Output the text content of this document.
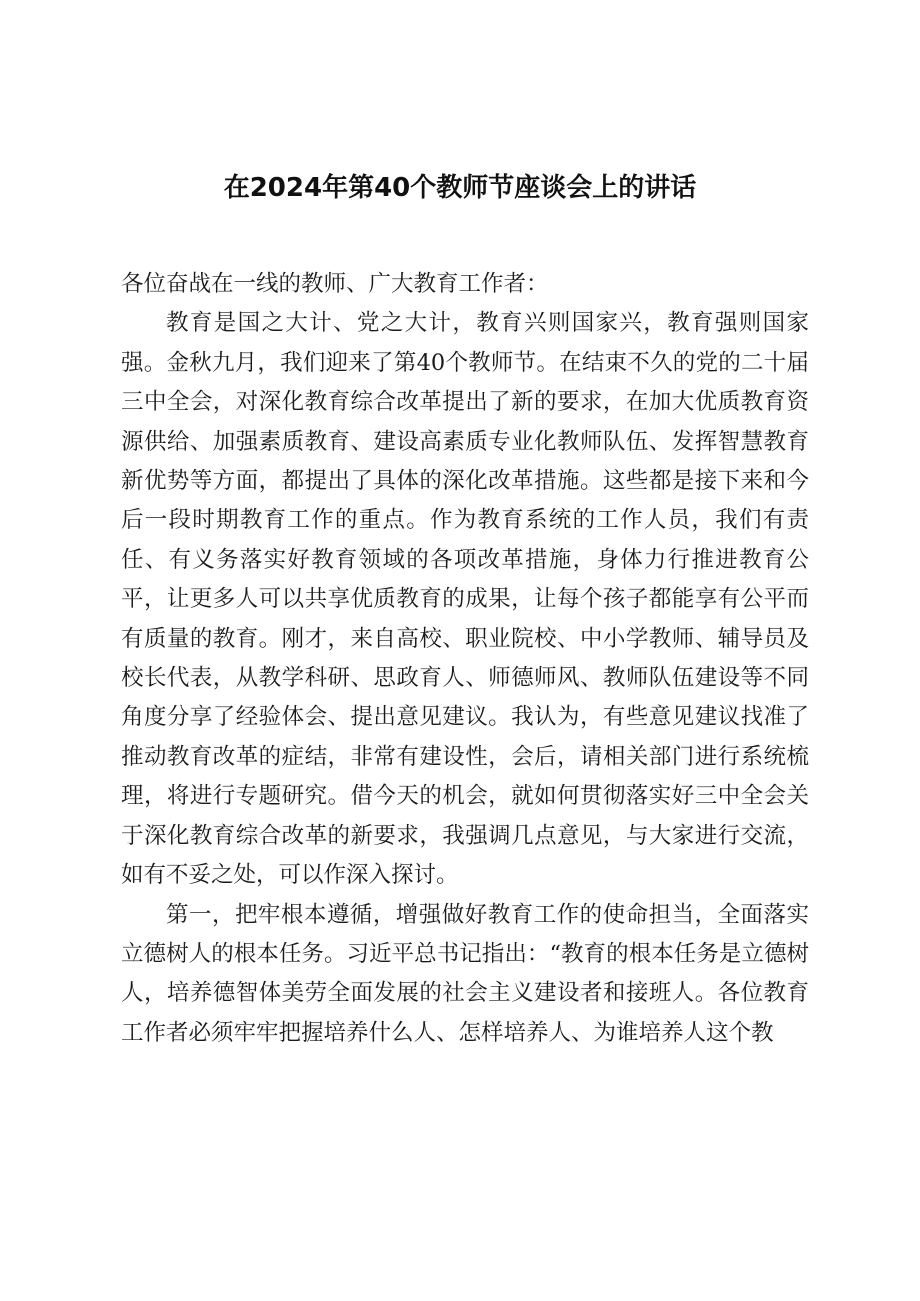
在2024年第40个教师节座谈会上的讲话

各位奋战在一线的教师、广大教育工作者：

教育是国之大计、党之大计，教育兴则国家兴，教育强则国家强。金秋九月，我们迎来了第40个教师节。在结束不久的党的二十届三中全会，对深化教育综合改革提出了新的要求，在加大优质教育资源供给、加强素质教育、建设高素质专业化教师队伍、发挥智慧教育新优势等方面，都提出了具体的深化改革措施。这些都是接下来和今后一段时期教育工作的重点。作为教育系统的工作人员，我们有责任、有义务落实好教育领域的各项改革措施，身体力行推进教育公平，让更多人可以共享优质教育的成果，让每个孩子都能享有公平而有质量的教育。刚才，来自高校、职业院校、中小学教师、辅导员及校长代表，从教学科研、思政育人、师德师风、教师队伍建设等不同角度分享了经验体会、提出意见建议。我认为，有些意见建议找准了推动教育改革的症结，非常有建设性，会后，请相关部门进行系统梳理，将进行专题研究。借今天的机会，就如何贯彻落实好三中全会关于深化教育综合改革的新要求，我强调几点意见，与大家进行交流，如有不妥之处，可以作深入探讨。

第一，把牢根本遵循，增强做好教育工作的使命担当，全面落实立德树人的根本任务。习近平总书记指出：“教育的根本任务是立德树人，培养德智体美劳全面发展的社会主义建设者和接班人。各位教育工作者必须牢牢把握培养什么人、怎样培养人、为谁培养人这个教
